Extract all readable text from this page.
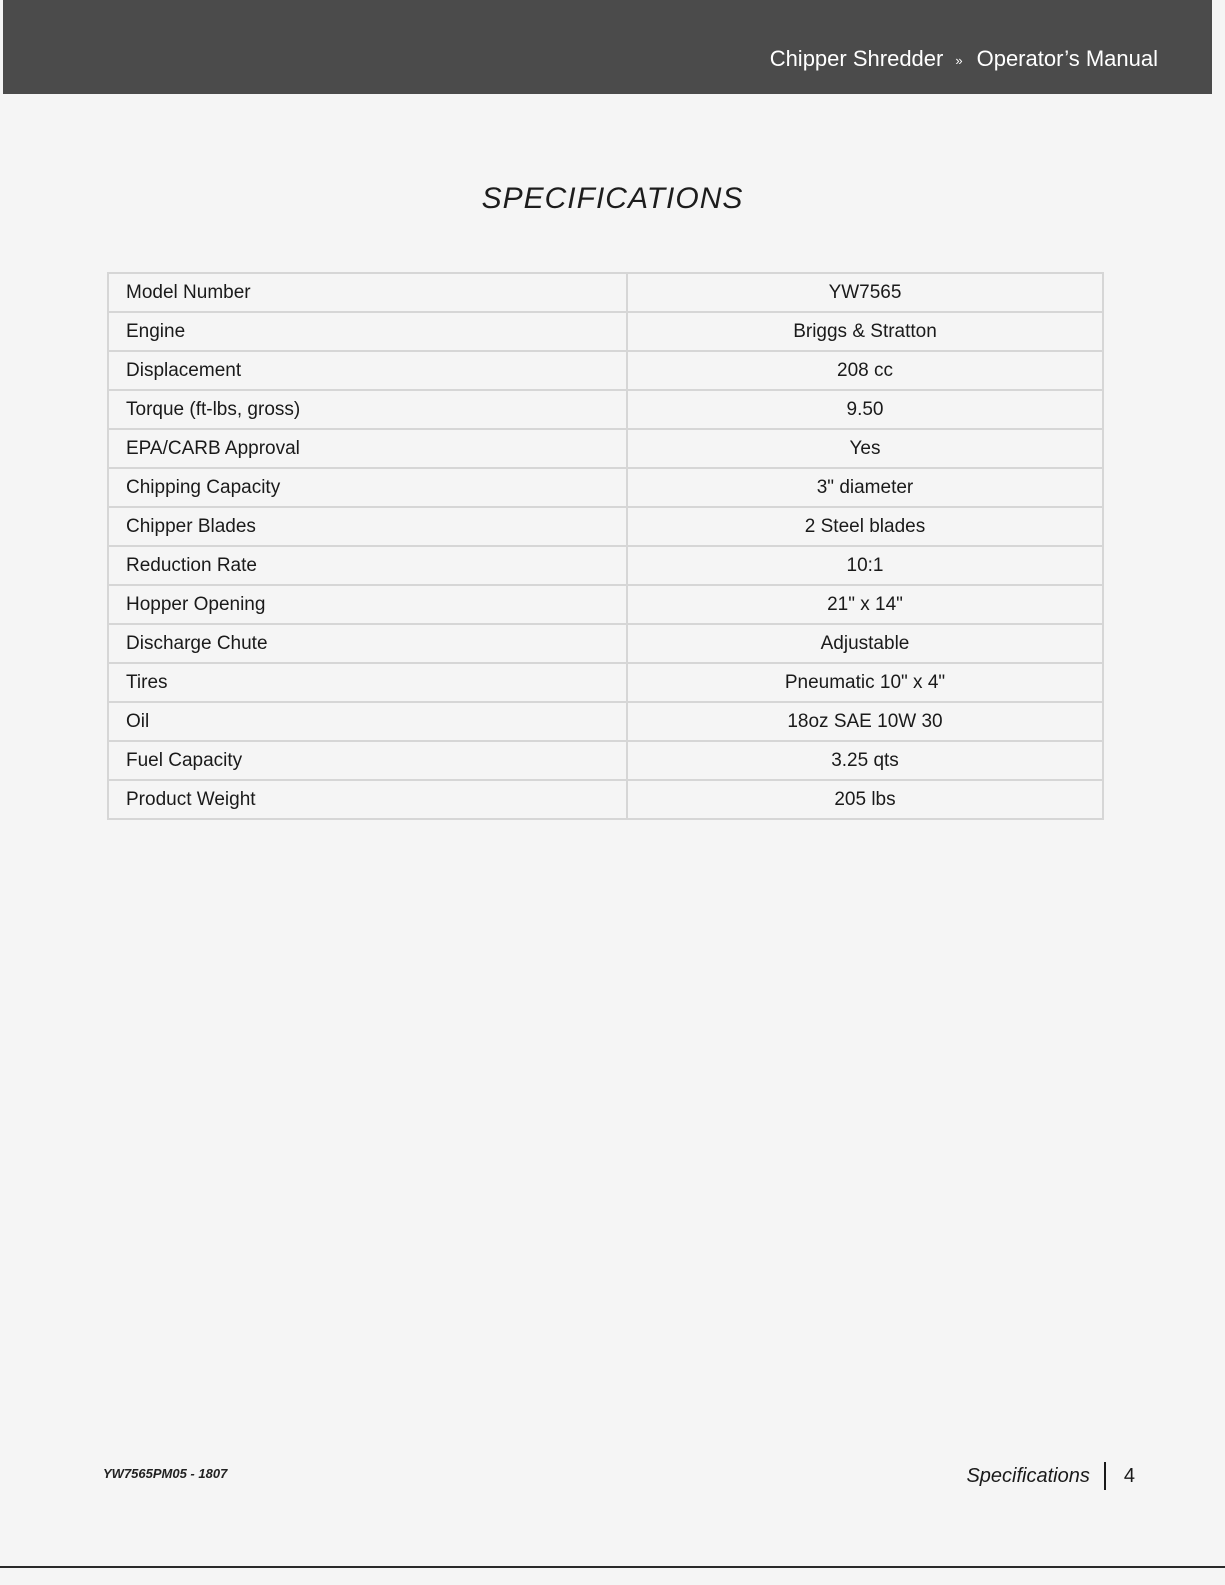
Chipper Shredder » Operator’s Manual
SPECIFICATIONS
Model Number	YW7565
Engine	Briggs & Stratton
Displacement	208 cc
Torque (ft-lbs, gross)	9.50
EPA/CARB Approval	Yes
Chipping Capacity	3" diameter
Chipper Blades	2 Steel blades
Reduction Rate	10:1
Hopper Opening	21" x 14"
Discharge Chute	Adjustable
Tires	Pneumatic 10" x 4"
Oil	18oz SAE 10W 30
Fuel Capacity	3.25 qts
Product Weight	205 lbs
YW7565PM05 - 1807	Specifications 4
